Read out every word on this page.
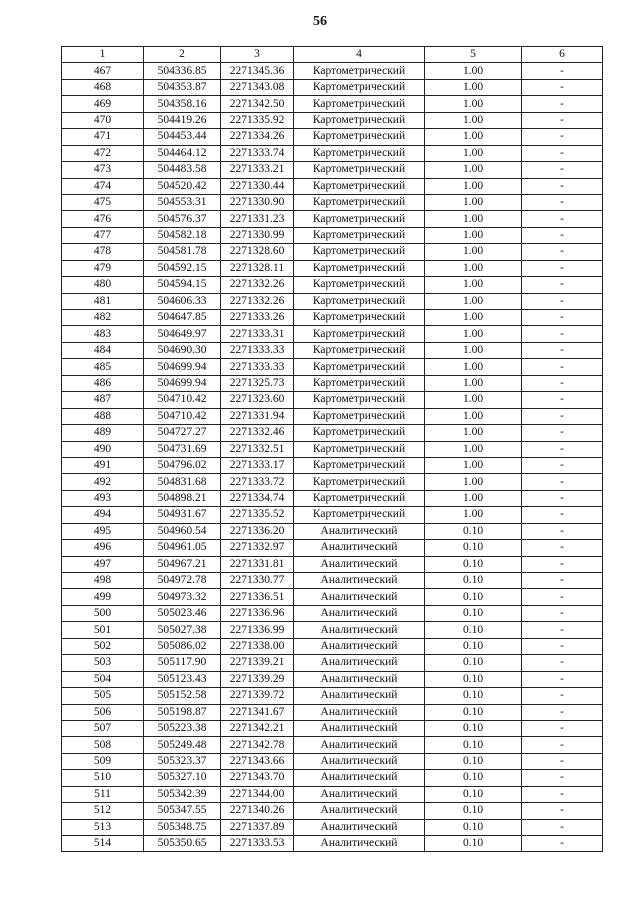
56
1	2	3	4	5	6
467	504336.85	2271345.36	Картометрический	1.00	-
468	504353.87	2271343.08	Картометрический	1.00	-
469	504358.16	2271342.50	Картометрический	1.00	-
470	504419.26	2271335.92	Картометрический	1.00	-
471	504453.44	2271334.26	Картометрический	1.00	-
472	504464.12	2271333.74	Картометрический	1.00	-
473	504483.58	2271333.21	Картометрический	1.00	-
474	504520.42	2271330.44	Картометрический	1.00	-
475	504553.31	2271330.90	Картометрический	1.00	-
476	504576.37	2271331.23	Картометрический	1.00	-
477	504582.18	2271330.99	Картометрический	1.00	-
478	504581.78	2271328.60	Картометрический	1.00	-
479	504592.15	2271328.11	Картометрический	1.00	-
480	504594.15	2271332.26	Картометрический	1.00	-
481	504606.33	2271332.26	Картометрический	1.00	-
482	504647.85	2271333.26	Картометрический	1.00	-
483	504649.97	2271333.31	Картометрический	1.00	-
484	504690.30	2271333.33	Картометрический	1.00	-
485	504699.94	2271333.33	Картометрический	1.00	-
486	504699.94	2271325.73	Картометрический	1.00	-
487	504710.42	2271323.60	Картометрический	1.00	-
488	504710.42	2271331.94	Картометрический	1.00	-
489	504727.27	2271332.46	Картометрический	1.00	-
490	504731.69	2271332.51	Картометрический	1.00	-
491	504796.02	2271333.17	Картометрический	1.00	-
492	504831.68	2271333.72	Картометрический	1.00	-
493	504898.21	2271334.74	Картометрический	1.00	-
494	504931.67	2271335.52	Картометрический	1.00	-
495	504960.54	2271336.20	Аналитический	0.10	-
496	504961.05	2271332.97	Аналитический	0.10	-
497	504967.21	2271331.81	Аналитический	0.10	-
498	504972.78	2271330.77	Аналитический	0.10	-
499	504973.32	2271336.51	Аналитический	0.10	-
500	505023.46	2271336.96	Аналитический	0.10	-
501	505027.38	2271336.99	Аналитический	0.10	-
502	505086.02	2271338.00	Аналитический	0.10	-
503	505117.90	2271339.21	Аналитический	0.10	-
504	505123.43	2271339.29	Аналитический	0.10	-
505	505152.58	2271339.72	Аналитический	0.10	-
506	505198.87	2271341.67	Аналитический	0.10	-
507	505223.38	2271342.21	Аналитический	0.10	-
508	505249.48	2271342.78	Аналитический	0.10	-
509	505323.37	2271343.66	Аналитический	0.10	-
510	505327.10	2271343.70	Аналитический	0.10	-
511	505342.39	2271344.00	Аналитический	0.10	-
512	505347.55	2271340.26	Аналитический	0.10	-
513	505348.75	2271337.89	Аналитический	0.10	-
514	505350.65	2271333.53	Аналитический	0.10	-
